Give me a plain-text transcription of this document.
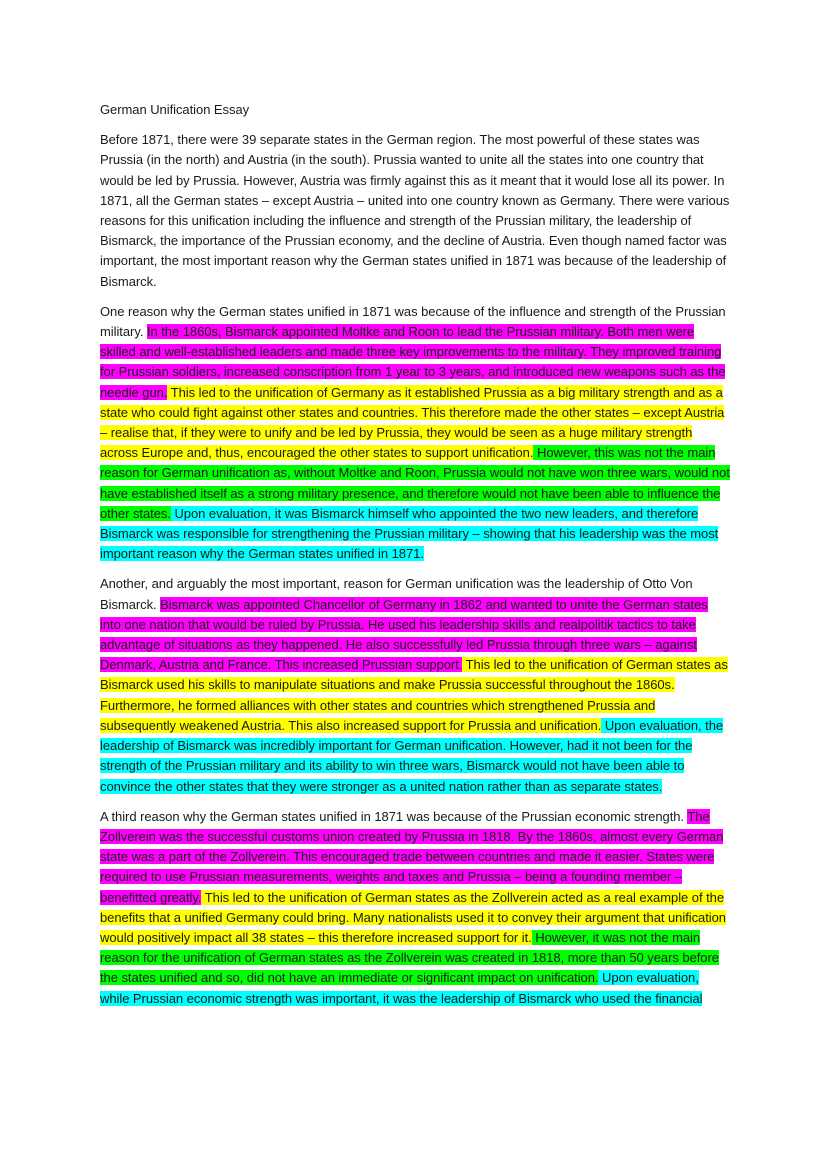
German Unification Essay

Before 1871, there were 39 separate states in the German region. The most powerful of these states was Prussia (in the north) and Austria (in the south). Prussia wanted to unite all the states into one country that would be led by Prussia. However, Austria was firmly against this as it meant that it would lose all its power. In 1871, all the German states – except Austria – united into one country known as Germany. There were various reasons for this unification including the influence and strength of the Prussian military, the leadership of Bismarck, the importance of the Prussian economy, and the decline of Austria. Even though named factor was important, the most important reason why the German states unified in 1871 was because of the leadership of Bismarck.

One reason why the German states unified in 1871 was because of the influence and strength of the Prussian military. In the 1860s, Bismarck appointed Moltke and Roon to lead the Prussian military. Both men were skilled and well-established leaders and made three key improvements to the military. They improved training for Prussian soldiers, increased conscription from 1 year to 3 years, and introduced new weapons such as the needle gun. This led to the unification of Germany as it established Prussia as a big military strength and as a state who could fight against other states and countries. This therefore made the other states – except Austria – realise that, if they were to unify and be led by Prussia, they would be seen as a huge military strength across Europe and, thus, encouraged the other states to support unification. However, this was not the main reason for German unification as, without Moltke and Roon, Prussia would not have won three wars, would not have established itself as a strong military presence, and therefore would not have been able to influence the other states. Upon evaluation, it was Bismarck himself who appointed the two new leaders, and therefore Bismarck was responsible for strengthening the Prussian military – showing that his leadership was the most important reason why the German states unified in 1871.

Another, and arguably the most important, reason for German unification was the leadership of Otto Von Bismarck. Bismarck was appointed Chancellor of Germany in 1862 and wanted to unite the German states into one nation that would be ruled by Prussia. He used his leadership skills and realpolitik tactics to take advantage of situations as they happened. He also successfully led Prussia through three wars – against Denmark, Austria and France. This increased Prussian support. This led to the unification of German states as Bismarck used his skills to manipulate situations and make Prussia successful throughout the 1860s. Furthermore, he formed alliances with other states and countries which strengthened Prussia and subsequently weakened Austria. This also increased support for Prussia and unification. Upon evaluation, the leadership of Bismarck was incredibly important for German unification. However, had it not been for the strength of the Prussian military and its ability to win three wars, Bismarck would not have been able to convince the other states that they were stronger as a united nation rather than as separate states.

A third reason why the German states unified in 1871 was because of the Prussian economic strength. The Zollverein was the successful customs union created by Prussia in 1818. By the 1860s, almost every German state was a part of the Zollverein. This encouraged trade between countries and made it easier. States were required to use Prussian measurements, weights and taxes and Prussia – being a founding member – benefitted greatly. This led to the unification of German states as the Zollverein acted as a real example of the benefits that a unified Germany could bring. Many nationalists used it to convey their argument that unification would positively impact all 38 states – this therefore increased support for it. However, it was not the main reason for the unification of German states as the Zollverein was created in 1818, more than 50 years before the states unified and so, did not have an immediate or significant impact on unification. Upon evaluation, while Prussian economic strength was important, it was the leadership of Bismarck who used the financial
